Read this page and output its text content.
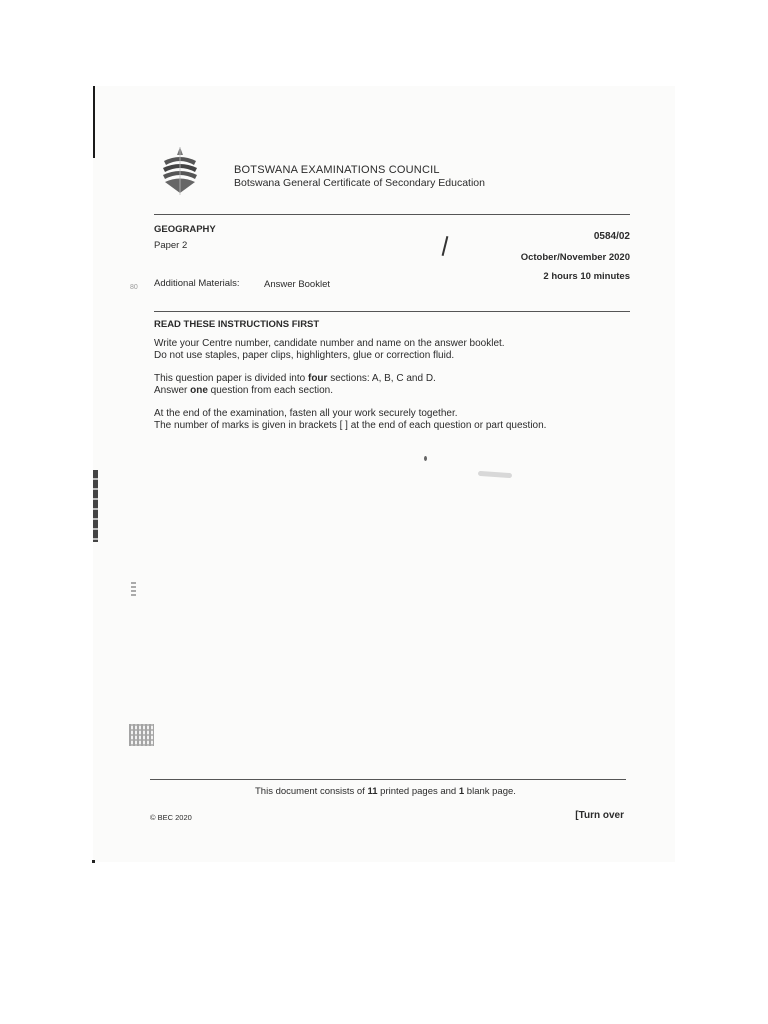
80
BOTSWANA EXAMINATIONS COUNCIL
Botswana General Certificate of Secondary Education
GEOGRAPHY
Paper 2
0584/02
October/November 2020
2 hours 10 minutes
Additional Materials:	Answer Booklet
READ THESE INSTRUCTIONS FIRST
Write your Centre number, candidate number and name on the answer booklet.
Do not use staples, paper clips, highlighters, glue or correction fluid.
This question paper is divided into four sections: A, B, C and D.
Answer one question from each section.
At the end of the examination, fasten all your work securely together.
The number of marks is given in brackets [ ] at the end of each question or part question.
This document consists of 11 printed pages and 1 blank page.
© BEC 2020	[Turn over
